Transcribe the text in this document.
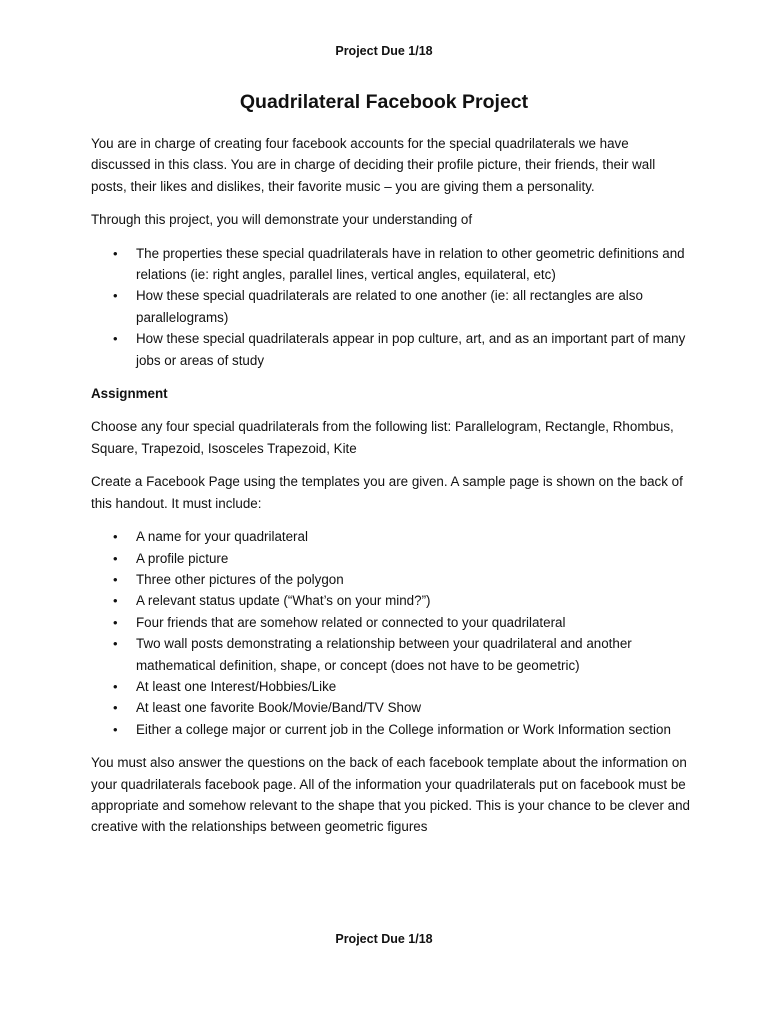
Project Due 1/18
Quadrilateral Facebook Project

You are in charge of creating four facebook accounts for the special quadrilaterals we have discussed in this class. You are in charge of deciding their profile picture, their friends, their wall posts, their likes and dislikes, their favorite music – you are giving them a personality.

Through this project, you will demonstrate your understanding of

• The properties these special quadrilaterals have in relation to other geometric definitions and relations (ie: right angles, parallel lines, vertical angles, equilateral, etc)
• How these special quadrilaterals are related to one another (ie: all rectangles are also parallelograms)
• How these special quadrilaterals appear in pop culture, art, and as an important part of many jobs or areas of study
Assignment

Choose any four special quadrilaterals from the following list: Parallelogram, Rectangle, Rhombus, Square, Trapezoid, Isosceles Trapezoid, Kite

Create a Facebook Page using the templates you are given. A sample page is shown on the back of this handout. It must include:

• A name for your quadrilateral
• A profile picture
• Three other pictures of the polygon
• A relevant status update (“What’s on your mind?”)
• Four friends that are somehow related or connected to your quadrilateral
• Two wall posts demonstrating a relationship between your quadrilateral and another mathematical definition, shape, or concept (does not have to be geometric)
• At least one Interest/Hobbies/Like
• At least one favorite Book/Movie/Band/TV Show
• Either a college major or current job in the College information or Work Information section

You must also answer the questions on the back of each facebook template about the information on your quadrilaterals facebook page. All of the information your quadrilaterals put on facebook must be appropriate and somehow relevant to the shape that you picked. This is your chance to be clever and creative with the relationships between geometric figures

Project Due 1/18
